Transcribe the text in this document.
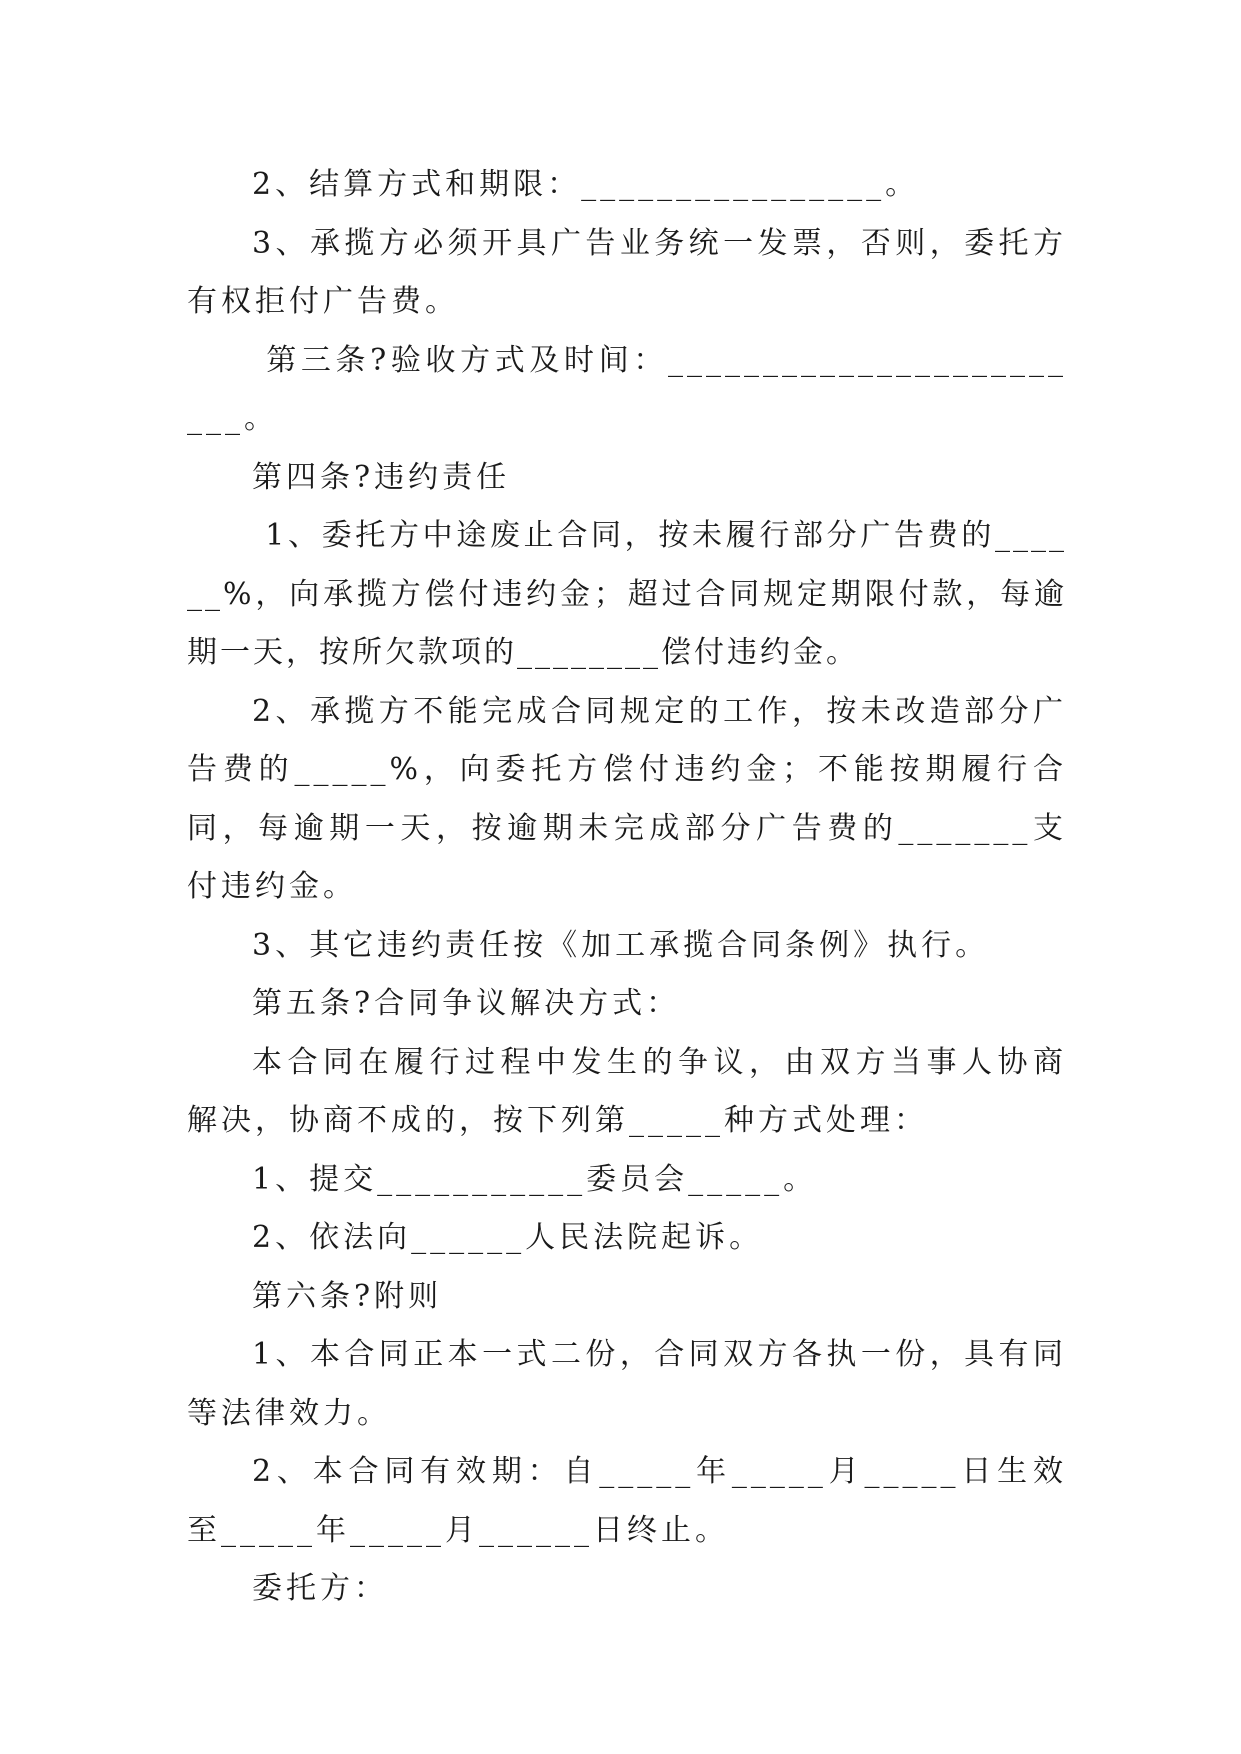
2、结算方式和期限：________________。

3、承揽方必须开具广告业务统一发票，否则，委托方有权拒付广告费。

第三条?验收方式及时间：________________________。

第四条?违约责任

1、委托方中途废止合同，按未履行部分广告费的______%，向承揽方偿付违约金；超过合同规定期限付款，每逾期一天，按所欠款项的________偿付违约金。

2、承揽方不能完成合同规定的工作，按未改造部分广告费的_____%，向委托方偿付违约金；不能按期履行合同，每逾期一天，按逾期未完成部分广告费的_______支付违约金。

3、其它违约责任按《加工承揽合同条例》执行。

第五条?合同争议解决方式：

本合同在履行过程中发生的争议，由双方当事人协商解决，协商不成的，按下列第_____种方式处理：

1、提交___________委员会_____。

2、依法向______人民法院起诉。

第六条?附则

1、本合同正本一式二份，合同双方各执一份，具有同等法律效力。

2、本合同有效期：自_____年_____月_____日生效至_____年_____月______日终止。

委托方：
